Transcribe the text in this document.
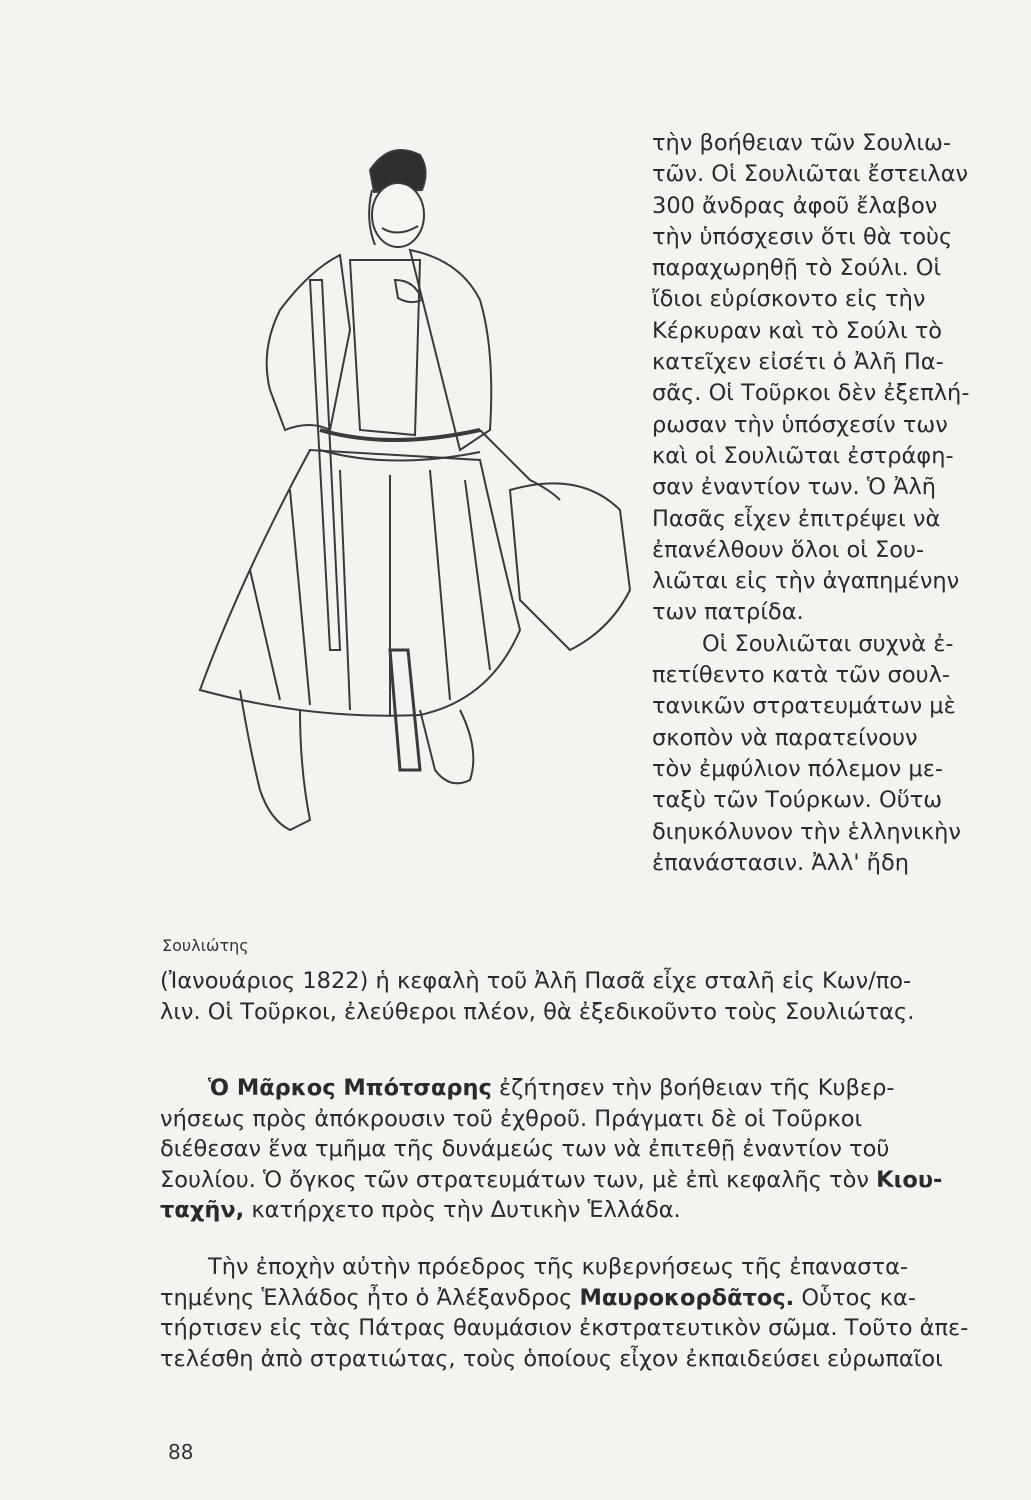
Σουλιώτης
τὴν βοήθειαν τῶν Σουλιω-
τῶν. Οἱ Σουλιῶται ἔστειλαν
300 ἄνδρας ἀφοῦ ἔλαβον
τὴν ὑπόσχεσιν ὅτι θὰ τοὺς
παραχωρηθῇ τὸ Σούλι. Οἱ
ἴδιοι εὑρίσκοντο εἰς τὴν
Κέρκυραν καὶ τὸ Σούλι τὸ
κατεῖχεν εἰσέτι ὁ Ἀλῆ Πα-
σᾶς. Οἱ Τοῦρκοι δὲν ἐξεπλή-
ρωσαν τὴν ὑπόσχεσίν των
καὶ οἱ Σουλιῶται ἐστράφη-
σαν ἐναντίον των. Ὁ Ἀλῆ
Πασᾶς εἶχεν ἐπιτρέψει νὰ
ἐπανέλθουν ὅλοι οἱ Σου-
λιῶται εἰς τὴν ἀγαπημένην
των πατρίδα.
Οἱ Σουλιῶται συχνὰ ἐ-
πετίθεντο κατὰ τῶν σουλ-
τανικῶν στρατευμάτων μὲ
σκοπὸν νὰ παρατείνουν
τὸν ἐμφύλιον πόλεμον με-
ταξὺ τῶν Τούρκων. Οὕτω
διηυκόλυνον τὴν ἑλληνικὴν
ἐπανάστασιν. Ἀλλ' ἤδη
(Ἰανουάριος 1822) ἡ κεφαλὴ τοῦ Ἀλῆ Πασᾶ εἶχε σταλῆ εἰς Κων/πο-
λιν. Οἱ Τοῦρκοι, ἐλεύθεροι πλέον, θὰ ἐξεδικοῦντο τοὺς Σουλιώτας.
Ὁ Μᾶρκος Μπότσαρης ἐζήτησεν τὴν βοήθειαν τῆς Κυβερ-
νήσεως πρὸς ἀπόκρουσιν τοῦ ἐχθροῦ. Πράγματι δὲ οἱ Τοῦρκοι
διέθεσαν ἕνα τμῆμα τῆς δυνάμεώς των νὰ ἐπιτεθῇ ἐναντίον τοῦ
Σουλίου. Ὁ ὄγκος τῶν στρατευμάτων των, μὲ ἐπὶ κεφαλῆς τὸν Κιου-
ταχῆν, κατήρχετο πρὸς τὴν Δυτικὴν Ἑλλάδα.
Τὴν ἐποχὴν αὐτὴν πρόεδρος τῆς κυβερνήσεως τῆς ἐπαναστα-
τημένης Ἑλλάδος ἦτο ὁ Ἀλέξανδρος Μαυροκορδᾶτος. Οὗτος κα-
τήρτισεν εἰς τὰς Πάτρας θαυμάσιον ἐκστρατευτικὸν σῶμα. Τοῦτο ἀπε-
τελέσθη ἀπὸ στρατιώτας, τοὺς ὁποίους εἶχον ἐκπαιδεύσει εὐρωπαῖοι
88
